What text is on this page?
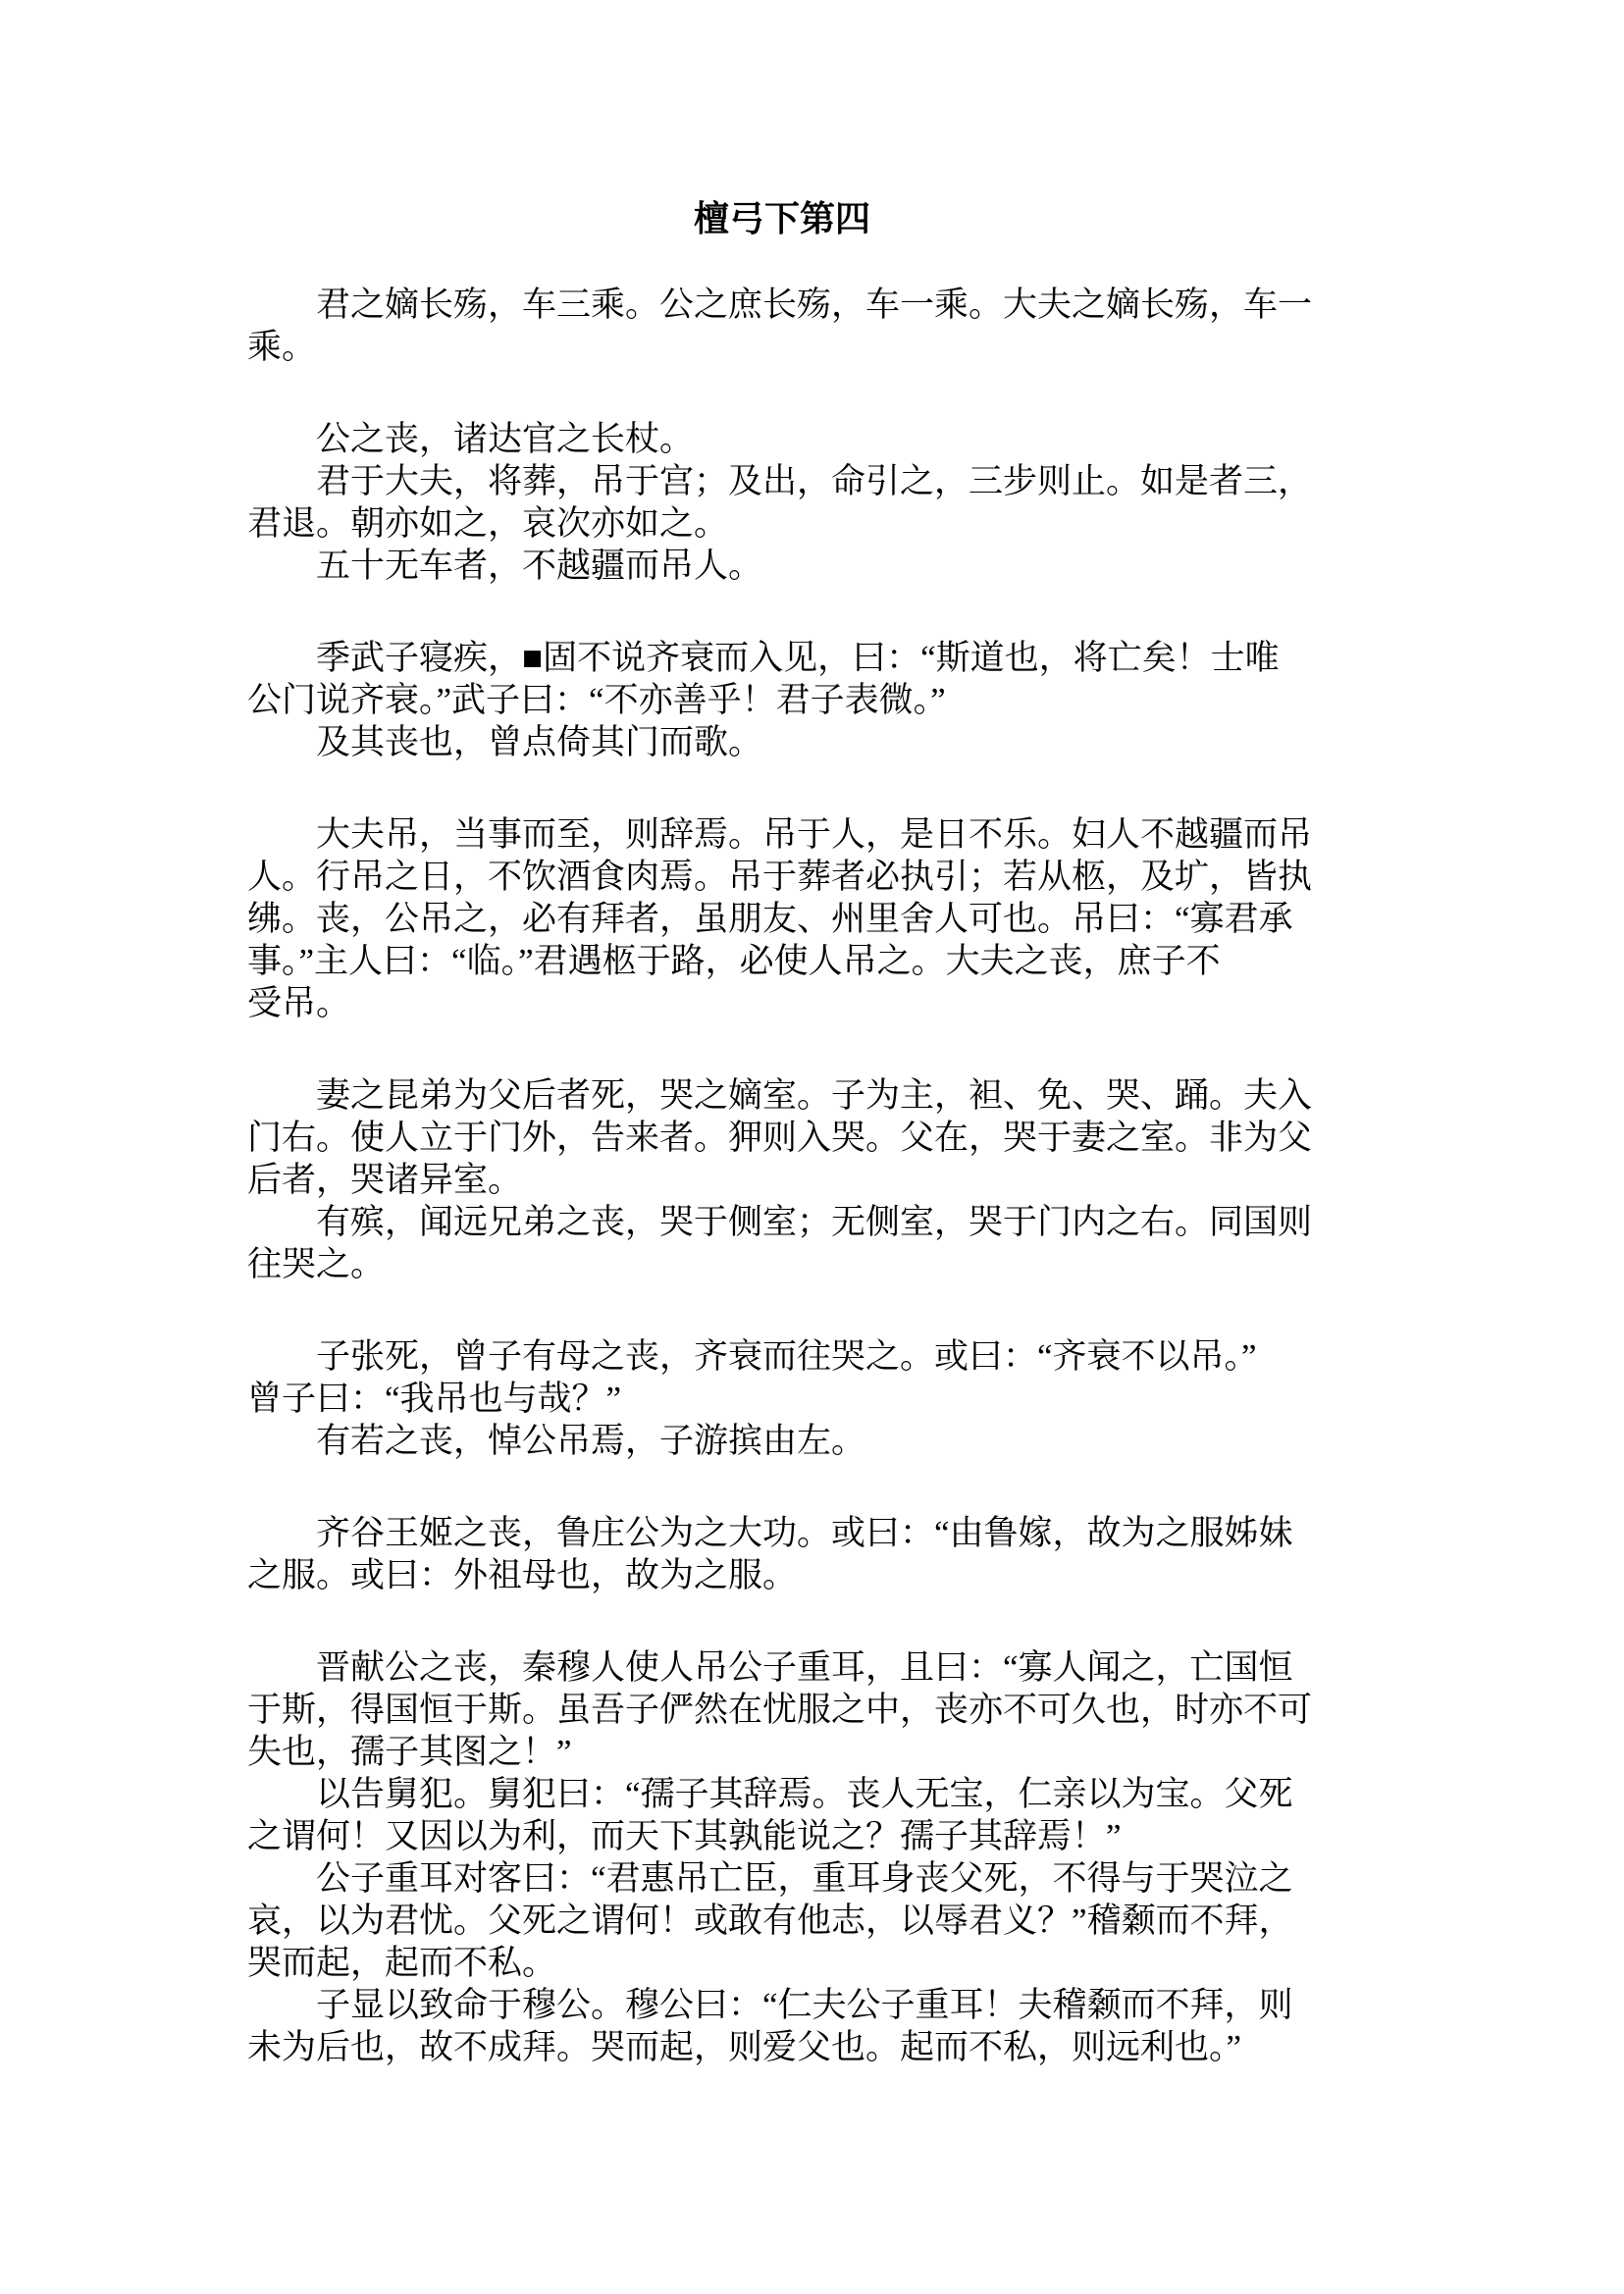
檀弓下第四

君之嫡长殇，车三乘。公之庶长殇，车一乘。大夫之嫡长殇，车一
乘。

公之丧，诸达官之长杖。

君于大夫，将葬，吊于宫；及出，命引之，三步则止。如是者三，
君退。朝亦如之，哀次亦如之。

五十无车者，不越疆而吊人。

季武子寝疾，■固不说齐衰而入见，曰：“斯道也，将亡矣！士唯
公门说齐衰。”武子曰：“不亦善乎！君子表微。”

及其丧也，曾点倚其门而歌。

大夫吊，当事而至，则辞焉。吊于人，是日不乐。妇人不越疆而吊
人。行吊之日，不饮酒食肉焉。吊于葬者必执引；若从柩，及圹，皆执
绋。丧，公吊之，必有拜者，虽朋友、州里舍人可也。吊曰：“寡君承
事。”主人曰：“临。”君遇柩于路，必使人吊之。大夫之丧，庶子不
受吊。

妻之昆弟为父后者死，哭之嫡室。子为主，袒、免、哭、踊。夫入
门右。使人立于门外，告来者。狎则入哭。父在，哭于妻之室。非为父
后者，哭诸异室。

有殡，闻远兄弟之丧，哭于侧室；无侧室，哭于门内之右。同国则
往哭之。

子张死，曾子有母之丧，齐衰而往哭之。或曰：“齐衰不以吊。”
曾子曰：“我吊也与哉？”

有若之丧，悼公吊焉，子游摈由左。

齐谷王姬之丧，鲁庄公为之大功。或曰：“由鲁嫁，故为之服姊妹
之服。或曰：外祖母也，故为之服。

晋献公之丧，秦穆人使人吊公子重耳，且曰：“寡人闻之，亡国恒
于斯，得国恒于斯。虽吾子俨然在忧服之中，丧亦不可久也，时亦不可
失也，孺子其图之！”

以告舅犯。舅犯曰：“孺子其辞焉。丧人无宝，仁亲以为宝。父死
之谓何！又因以为利，而天下其孰能说之？孺子其辞焉！”

公子重耳对客曰：“君惠吊亡臣，重耳身丧父死，不得与于哭泣之
哀，以为君忧。父死之谓何！或敢有他志，以辱君义？”稽颡而不拜，
哭而起，起而不私。

子显以致命于穆公。穆公曰：“仁夫公子重耳！夫稽颡而不拜，则
未为后也，故不成拜。哭而起，则爱父也。起而不私，则远利也。”
